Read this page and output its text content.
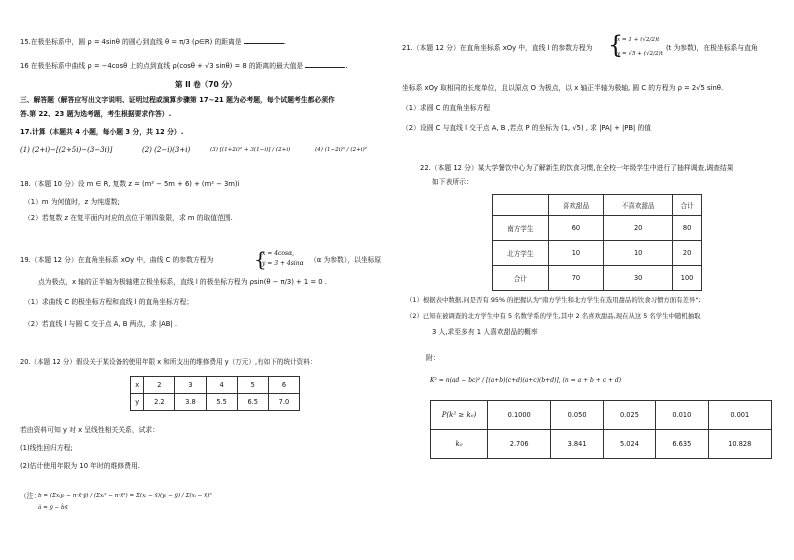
15.在极坐标系中，圆 ρ = 4sinθ 的圆心到直线 θ = π/3 (ρ∈R) 的距离是	.
16 在极坐标系中曲线 ρ = −4cosθ 上的点到直线 ρ(cosθ + √3 sinθ) = 8 的距离的最大值是	.
第 II 卷（70 分）
三、解答题（解答应写出文字说明、证明过程或演算步骤第 17~21 题为必考题，每个试题考生都必须作
答.第 22、23 题为选考题，考生根据要求作答）.
17.计算（本题共 4 小题，每小题 3 分，共 12 分）.
(1) (2+i)−[(2+5i)−(3−3i)]	(2) (2−i)(3+i)	(3) [(1+2i)² + 3(1−i)] / (2+i)	(4) (1−2i)³ / (2+i)²
18.（本题 10 分）设 m ∈ R, 复数 z = (m² − 5m + 6) + (m² − 3m)i
（1）m 为何值时，z 为纯虚数;
（2）若复数 z 在复平面内对应的点位于第四象限，求 m 的取值范围.
19.（本题 12 分）在直角坐标系 xOy 中，曲线 C 的参数方程为 {
x = 4cosα,
y = 3 + 4sinα （α 为参数），以坐标原
点为极点，x 轴的正半轴为极轴建立极坐标系，直线 l 的极坐标方程为 ρsin(θ − π/3) + 1 = 0 .
（1）求曲线 C 的极坐标方程和直线 l 的直角坐标方程；
（2）若直线 l 与圆 C 交于点 A, B 两点，求 |AB| .
20.（本题 12 分）假设关于某设备的使用年限 x 和所支出的维修费用 y（万元）,有如下的统计资料：
x	2	3	4	5	6
y	2.2	3.8	5.5	6.5	7.0
若由资料可知 y 对 x 呈线性相关关系，试求：
(1)线性回归方程;
(2)估计使用年限为 10 年时的维修费用.
（注：
b = (Σxᵢyᵢ − n·x̄·ȳ) / (Σxᵢ² − n·x̄²) = Σ(xᵢ − x̄)(yᵢ − ȳ) / Σ(xᵢ − x̄)²
â = ȳ − b̂x̄
21.（本题 12 分）在直角坐标系 xOy 中，直线 l 的参数方程为 {
x = 1 + (√2/2)t
y = √5 + (√2/2)t
(t 为参数)，在极坐标系与直角
坐标系 xOy 取相同的长度单位，且以原点 O 为极点，以 x 轴正半轴为极轴, 圆 C 的方程为 ρ = 2√5 sinθ.
（1）求圆 C 的直角坐标方程
（2）设圆 C 与直线 l 交于点 A, B ,若点 P 的坐标为 (1, √5) , 求 |PA| + |PB| 的值
22.（本题 12 分）某大学餐饮中心为了解新生的饮食习惯,在全校一年级学生中进行了抽样调查,调查结果
如下表所示：
	喜欢甜品	不喜欢甜品	合计
南方学生	60	20	80
北方学生	10	10	20
合计	70	30	100
（1）根据表中数据,问是否有 95% 的把握认为"南方学生和北方学生在选用甜品的饮食习惯方面有差异";
（2）已知在被调查的北方学生中有 5 名数学系的学生,其中 2 名喜欢甜品,现在从这 5 名学生中随机抽取
3 人,求至多有 1 人喜欢甜品的概率
附：
K² = n(ad − bc)² / [(a+b)(c+d)(a+c)(b+d)], (n = a + b + c + d)
P(k² ≥ k₀)	0.1000	0.050	0.025	0.010	0.001
k₀	2.706	3.841	5.024	6.635	10.828
